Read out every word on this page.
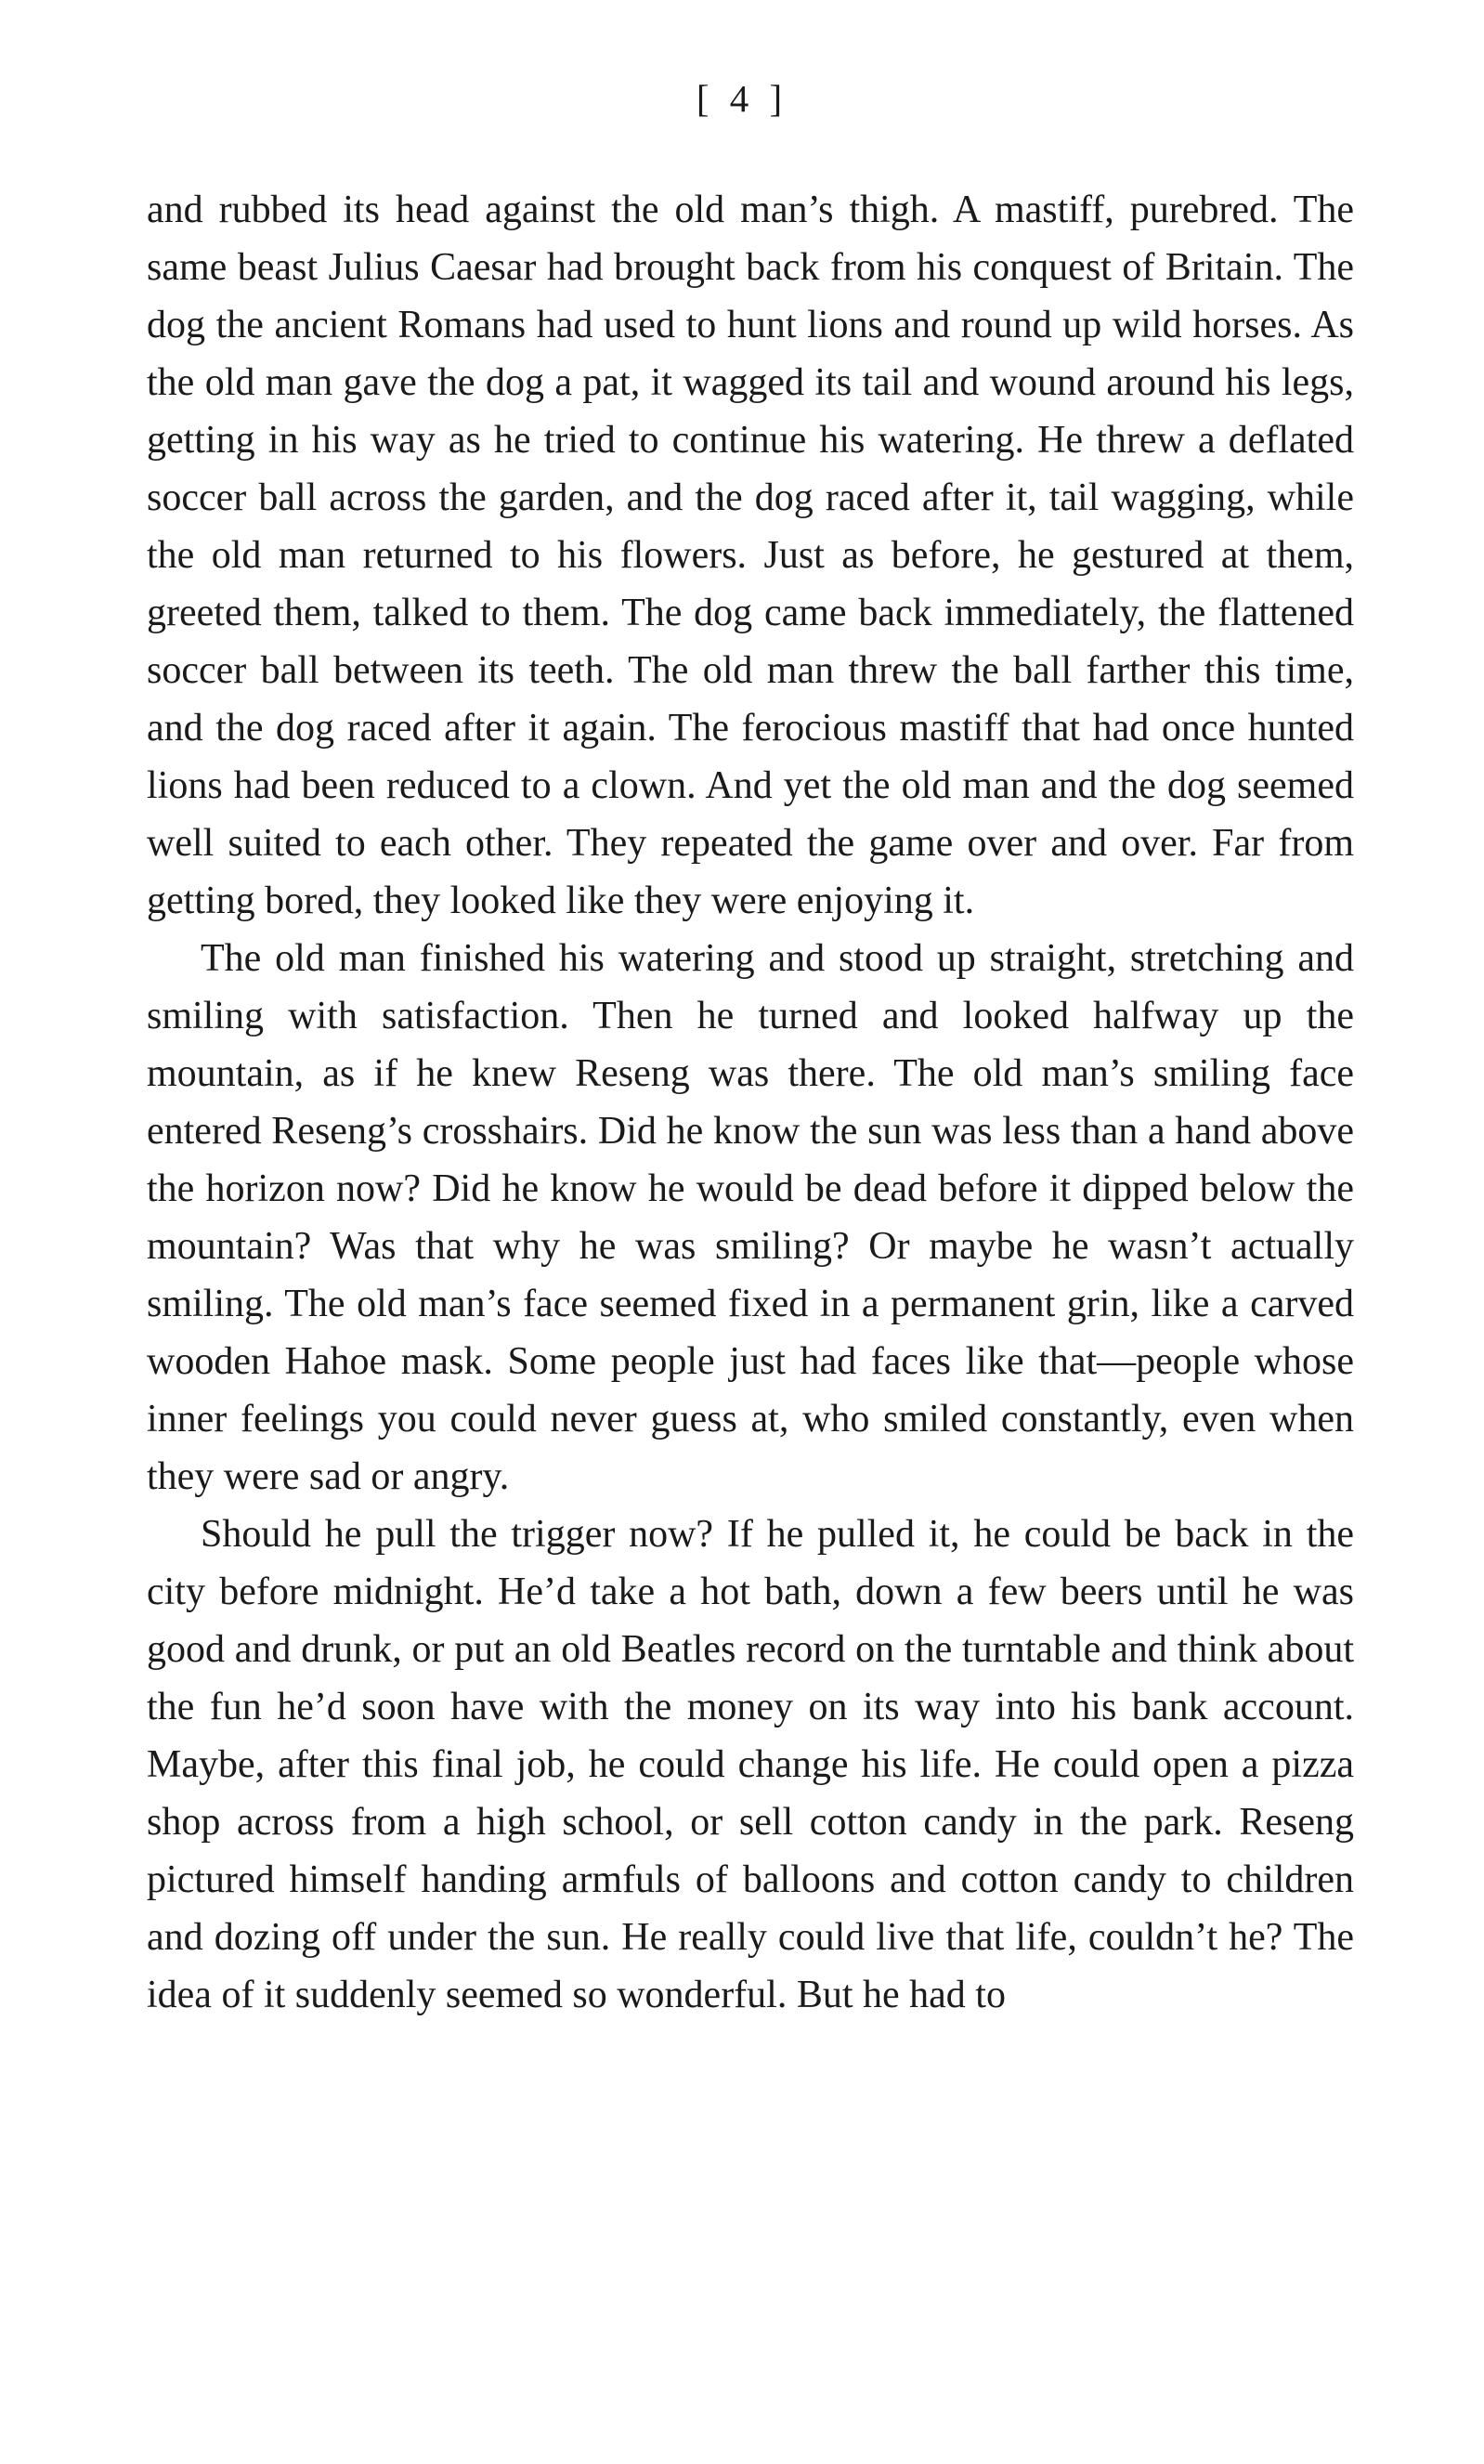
[ 4 ]

and rubbed its head against the old man’s thigh. A mastiff, purebred. The same beast Julius Caesar had brought back from his conquest of Britain. The dog the ancient Romans had used to hunt lions and round up wild horses. As the old man gave the dog a pat, it wagged its tail and wound around his legs, getting in his way as he tried to continue his watering. He threw a deflated soccer ball across the garden, and the dog raced after it, tail wagging, while the old man returned to his flowers. Just as before, he gestured at them, greeted them, talked to them. The dog came back immediately, the flattened soccer ball between its teeth. The old man threw the ball farther this time, and the dog raced after it again. The ferocious mastiff that had once hunted lions had been reduced to a clown. And yet the old man and the dog seemed well suited to each other. They repeated the game over and over. Far from getting bored, they looked like they were enjoying it.

The old man finished his watering and stood up straight, stretching and smiling with satisfaction. Then he turned and looked halfway up the mountain, as if he knew Reseng was there. The old man’s smiling face entered Reseng’s crosshairs. Did he know the sun was less than a hand above the horizon now? Did he know he would be dead before it dipped below the mountain? Was that why he was smiling? Or maybe he wasn’t actually smiling. The old man’s face seemed fixed in a permanent grin, like a carved wooden Hahoe mask. Some people just had faces like that—people whose inner feelings you could never guess at, who smiled constantly, even when they were sad or angry.

Should he pull the trigger now? If he pulled it, he could be back in the city before midnight. He’d take a hot bath, down a few beers until he was good and drunk, or put an old Beatles record on the turntable and think about the fun he’d soon have with the money on its way into his bank account. Maybe, after this final job, he could change his life. He could open a pizza shop across from a high school, or sell cotton candy in the park. Reseng pictured himself handing armfuls of balloons and cotton candy to children and dozing off under the sun. He really could live that life, couldn’t he? The idea of it suddenly seemed so wonderful. But he had to
